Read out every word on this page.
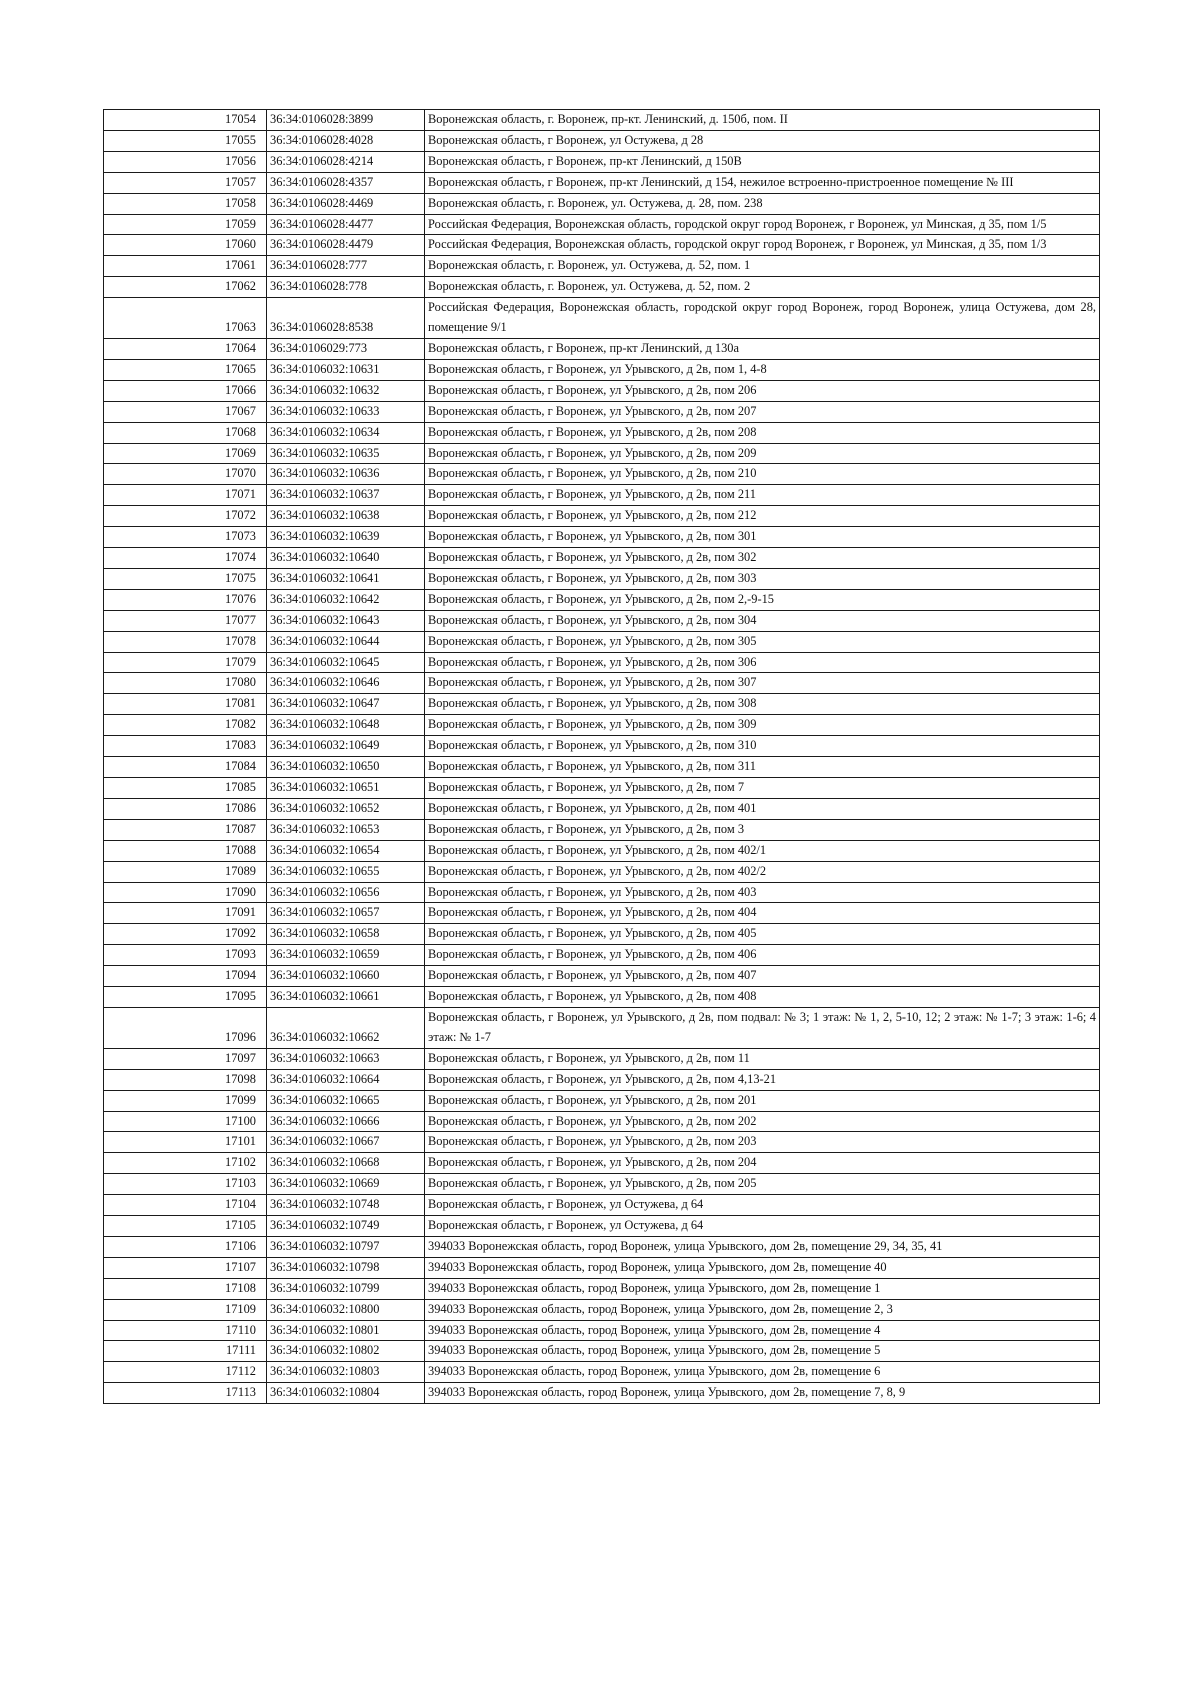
17054	36:34:0106028:3899	Воронежская область, г. Воронеж, пр-кт. Ленинский, д. 150б, пом. II
17055	36:34:0106028:4028	Воронежская область, г Воронеж, ул Остужева, д 28
17056	36:34:0106028:4214	Воронежская область, г Воронеж, пр-кт Ленинский, д 150В
17057	36:34:0106028:4357	Воронежская область, г Воронеж, пр-кт Ленинский, д 154, нежилое встроенно-пристроенное помещение № III
17058	36:34:0106028:4469	Воронежская область, г. Воронеж, ул. Остужева, д. 28, пом. 238
17059	36:34:0106028:4477	Российская Федерация, Воронежская область, городской округ город Воронеж, г Воронеж, ул Минская, д 35, пом 1/5
17060	36:34:0106028:4479	Российская Федерация, Воронежская область, городской округ город Воронеж, г Воронеж, ул Минская, д 35, пом 1/3
17061	36:34:0106028:777	Воронежская область, г. Воронеж, ул. Остужева, д. 52, пом. 1
17062	36:34:0106028:778	Воронежская область, г. Воронеж, ул. Остужева, д. 52, пом. 2
17063	36:34:0106028:8538	Российская Федерация, Воронежская область, городской округ город Воронеж, город Воронеж, улица Остужева, дом 28, помещение 9/1
17064	36:34:0106029:773	Воронежская область, г Воронеж, пр-кт Ленинский, д 130а
17065	36:34:0106032:10631	Воронежская область, г Воронеж, ул Урывского, д 2в, пом 1, 4-8
17066	36:34:0106032:10632	Воронежская область, г Воронеж, ул Урывского, д 2в, пом 206
17067	36:34:0106032:10633	Воронежская область, г Воронеж, ул Урывского, д 2в, пом 207
17068	36:34:0106032:10634	Воронежская область, г Воронеж, ул Урывского, д 2в, пом 208
17069	36:34:0106032:10635	Воронежская область, г Воронеж, ул Урывского, д 2в, пом 209
17070	36:34:0106032:10636	Воронежская область, г Воронеж, ул Урывского, д 2в, пом 210
17071	36:34:0106032:10637	Воронежская область, г Воронеж, ул Урывского, д 2в, пом 211
17072	36:34:0106032:10638	Воронежская область, г Воронеж, ул Урывского, д 2в, пом 212
17073	36:34:0106032:10639	Воронежская область, г Воронеж, ул Урывского, д 2в, пом 301
17074	36:34:0106032:10640	Воронежская область, г Воронеж, ул Урывского, д 2в, пом 302
17075	36:34:0106032:10641	Воронежская область, г Воронеж, ул Урывского, д 2в, пом 303
17076	36:34:0106032:10642	Воронежская область, г Воронеж, ул Урывского, д 2в, пом 2,-9-15
17077	36:34:0106032:10643	Воронежская область, г Воронеж, ул Урывского, д 2в, пом 304
17078	36:34:0106032:10644	Воронежская область, г Воронеж, ул Урывского, д 2в, пом 305
17079	36:34:0106032:10645	Воронежская область, г Воронеж, ул Урывского, д 2в, пом 306
17080	36:34:0106032:10646	Воронежская область, г Воронеж, ул Урывского, д 2в, пом 307
17081	36:34:0106032:10647	Воронежская область, г Воронеж, ул Урывского, д 2в, пом 308
17082	36:34:0106032:10648	Воронежская область, г Воронеж, ул Урывского, д 2в, пом 309
17083	36:34:0106032:10649	Воронежская область, г Воронеж, ул Урывского, д 2в, пом 310
17084	36:34:0106032:10650	Воронежская область, г Воронеж, ул Урывского, д 2в, пом 311
17085	36:34:0106032:10651	Воронежская область, г Воронеж, ул Урывского, д 2в, пом 7
17086	36:34:0106032:10652	Воронежская область, г Воронеж, ул Урывского, д 2в, пом 401
17087	36:34:0106032:10653	Воронежская область, г Воронеж, ул Урывского, д 2в, пом 3
17088	36:34:0106032:10654	Воронежская область, г Воронеж, ул Урывского, д 2в, пом 402/1
17089	36:34:0106032:10655	Воронежская область, г Воронеж, ул Урывского, д 2в, пом 402/2
17090	36:34:0106032:10656	Воронежская область, г Воронеж, ул Урывского, д 2в, пом 403
17091	36:34:0106032:10657	Воронежская область, г Воронеж, ул Урывского, д 2в, пом 404
17092	36:34:0106032:10658	Воронежская область, г Воронеж, ул Урывского, д 2в, пом 405
17093	36:34:0106032:10659	Воронежская область, г Воронеж, ул Урывского, д 2в, пом 406
17094	36:34:0106032:10660	Воронежская область, г Воронеж, ул Урывского, д 2в, пом 407
17095	36:34:0106032:10661	Воронежская область, г Воронеж, ул Урывского, д 2в, пом 408
17096	36:34:0106032:10662	Воронежская область, г Воронеж, ул Урывского, д 2в, пом подвал: № 3; 1 этаж: № 1, 2, 5-10, 12; 2 этаж: № 1-7; 3 этаж: 1-6; 4 этаж: № 1-7
17097	36:34:0106032:10663	Воронежская область, г Воронеж, ул Урывского, д 2в, пом 11
17098	36:34:0106032:10664	Воронежская область, г Воронеж, ул Урывского, д 2в, пом 4,13-21
17099	36:34:0106032:10665	Воронежская область, г Воронеж, ул Урывского, д 2в, пом 201
17100	36:34:0106032:10666	Воронежская область, г Воронеж, ул Урывского, д 2в, пом 202
17101	36:34:0106032:10667	Воронежская область, г Воронеж, ул Урывского, д 2в, пом 203
17102	36:34:0106032:10668	Воронежская область, г Воронеж, ул Урывского, д 2в, пом 204
17103	36:34:0106032:10669	Воронежская область, г Воронеж, ул Урывского, д 2в, пом 205
17104	36:34:0106032:10748	Воронежская область, г Воронеж, ул Остужева, д 64
17105	36:34:0106032:10749	Воронежская область, г Воронеж, ул Остужева, д 64
17106	36:34:0106032:10797	394033 Воронежская область, город Воронеж, улица Урывского, дом 2в, помещение 29, 34, 35, 41
17107	36:34:0106032:10798	394033 Воронежская область, город Воронеж, улица Урывского, дом 2в, помещение 40
17108	36:34:0106032:10799	394033 Воронежская область, город Воронеж, улица Урывского, дом 2в, помещение 1
17109	36:34:0106032:10800	394033 Воронежская область, город Воронеж, улица Урывского, дом 2в, помещение 2, 3
17110	36:34:0106032:10801	394033 Воронежская область, город Воронеж, улица Урывского, дом 2в, помещение 4
17111	36:34:0106032:10802	394033 Воронежская область, город Воронеж, улица Урывского, дом 2в, помещение 5
17112	36:34:0106032:10803	394033 Воронежская область, город Воронеж, улица Урывского, дом 2в, помещение 6
17113	36:34:0106032:10804	394033 Воронежская область, город Воронеж, улица Урывского, дом 2в, помещение 7, 8, 9
